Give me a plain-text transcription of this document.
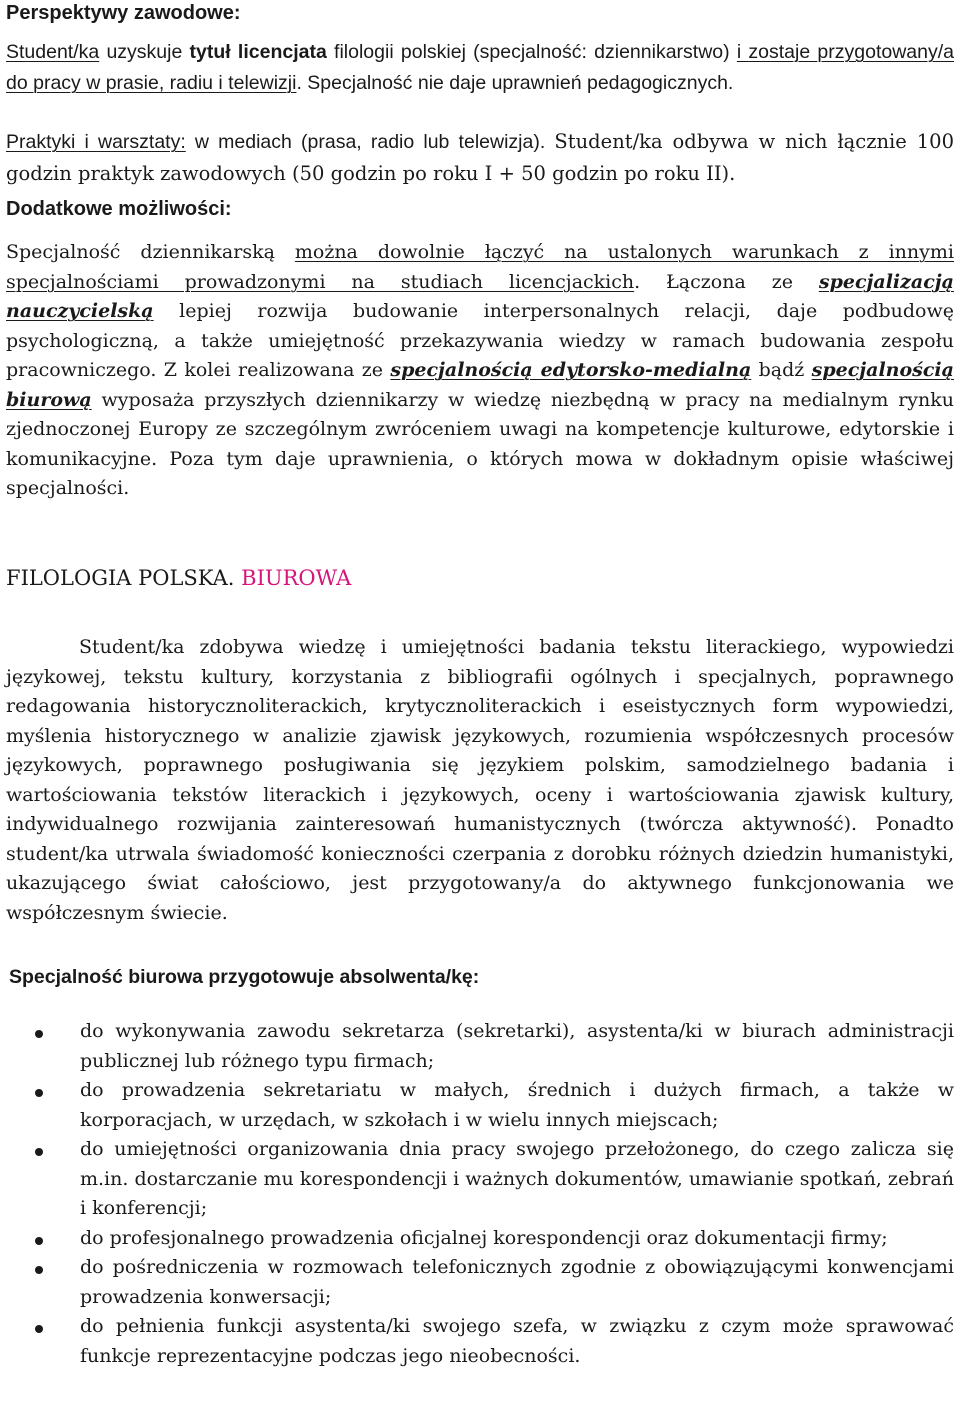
Perspektywy zawodowe:

Student/ka uzyskuje tytuł licencjata filologii polskiej (specjalność: dziennikarstwo) i zostaje przygotowany/a do pracy w prasie, radiu i telewizji. Specjalność nie daje uprawnień pedagogicznych.

Praktyki i warsztaty: w mediach (prasa, radio lub telewizja). Student/ka odbywa w nich łącznie 100 godzin praktyk zawodowych (50 godzin po roku I + 50 godzin po roku II).

Dodatkowe możliwości:

Specjalność dziennikarską można dowolnie łączyć na ustalonych warunkach z innymi specjalnościami prowadzonymi na studiach licencjackich. Łączona ze specjalizacją nauczycielską lepiej rozwija budowanie interpersonalnych relacji, daje podbudowę psychologiczną, a także umiejętność przekazywania wiedzy w ramach budowania zespołu pracowniczego. Z kolei realizowana ze specjalnością edytorsko-medialną bądź specjalnością biurową wyposaża przyszłych dziennikarzy w wiedzę niezbędną w pracy na medialnym rynku zjednoczonej Europy ze szczególnym zwróceniem uwagi na kompetencje kulturowe, edytorskie i komunikacyjne. Poza tym daje uprawnienia, o których mowa w dokładnym opisie właściwej specjalności.

FILOLOGIA POLSKA. BIUROWA

Student/ka zdobywa wiedzę i umiejętności badania tekstu literackiego, wypowiedzi językowej, tekstu kultury, korzystania z bibliografii ogólnych i specjalnych, poprawnego redagowania historycznoliterackich, krytycznoliterackich i eseistycznych form wypowiedzi, myślenia historycznego w analizie zjawisk językowych, rozumienia współczesnych procesów językowych, poprawnego posługiwania się językiem polskim, samodzielnego badania i wartościowania tekstów literackich i językowych, oceny i wartościowania zjawisk kultury, indywidualnego rozwijania zainteresowań humanistycznych (twórcza aktywność). Ponadto student/ka utrwala świadomość konieczności czerpania z dorobku różnych dziedzin humanistyki, ukazującego świat całościowo, jest przygotowany/a do aktywnego funkcjonowania we współczesnym świecie.

Specjalność biurowa przygotowuje absolwenta/kę:
do wykonywania zawodu sekretarza (sekretarki), asystenta/ki w biurach administracji publicznej lub różnego typu firmach;
do prowadzenia sekretariatu w małych, średnich i dużych firmach, a także w korporacjach, w urzędach, w szkołach i w wielu innych miejscach;
do umiejętności organizowania dnia pracy swojego przełożonego, do czego zalicza się m.in. dostarczanie mu korespondencji i ważnych dokumentów, umawianie spotkań, zebrań i konferencji;
do profesjonalnego prowadzenia oficjalnej korespondencji oraz dokumentacji firmy;
do pośredniczenia w rozmowach telefonicznych zgodnie z obowiązującymi konwencjami prowadzenia konwersacji;
do pełnienia funkcji asystenta/ki swojego szefa, w związku z czym może sprawować funkcje reprezentacyjne podczas jego nieobecności.
